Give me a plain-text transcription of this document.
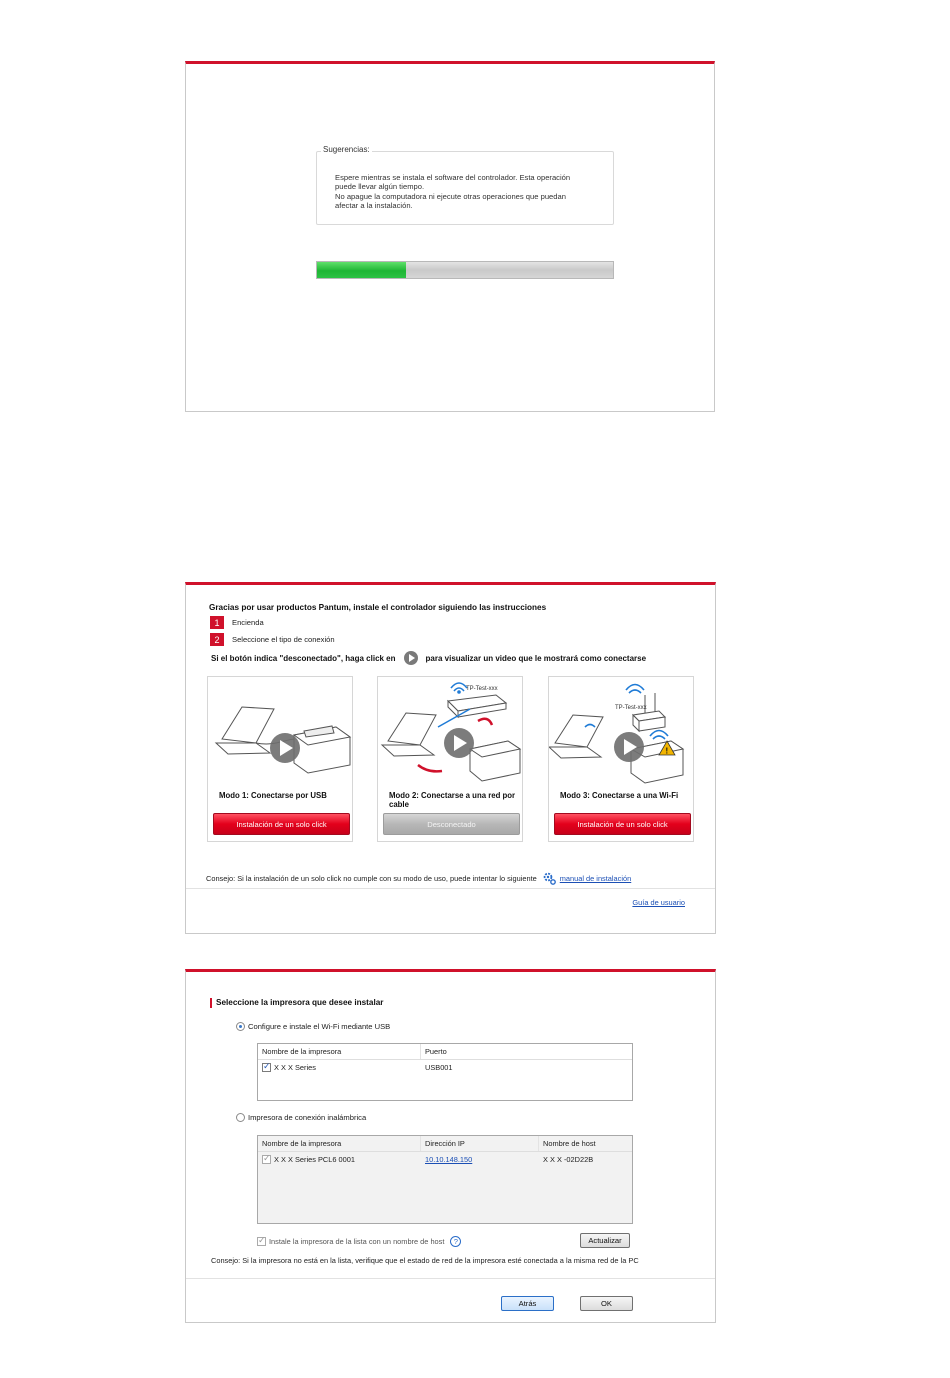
Sugerencias:
Espere mientras se instala el software del controlador. Esta operación
puede llevar algún tiempo.
No apague la computadora ni ejecute otras operaciones que puedan
afectar a la instalación.
Gracias por usar productos Pantum, instale el controlador siguiendo las instrucciones
1	Encienda
2	Seleccione el tipo de conexión
Si el botón indica "desconectado", haga click en	para visualizar un video que le mostrará como conectarse
Modo 1: Conectarse por USB
Instalación de un solo click
TP-Test-xxx
Modo 2: Conectarse a una red por cable
Desconectado
TP-Test-xxx
!
Modo 3: Conectarse a una Wi-Fi
Instalación de un solo click
Consejo: Si la instalación de un solo click no cumple con su modo de uso, puede intentar lo siguiente	manual de instalación
Guía de usuario
Seleccione la impresora que desee instalar
Configure e instale el Wi-Fi mediante USB
Nombre de la impresora	Puerto
✓
X X X Series	USB001
Impresora de conexión inalámbrica
Nombre de la impresora	Dirección IP	Nombre de host
✓
X X X Series PCL6 0001	10.10.148.150	X X X -02D22B
✓
Instale la impresora de la lista con un nombre de host	?	Actualizar
Consejo: Si la impresora no está en la lista, verifique que el estado de red de la impresora esté conectada a la misma red de la PC
Atrás	OK
